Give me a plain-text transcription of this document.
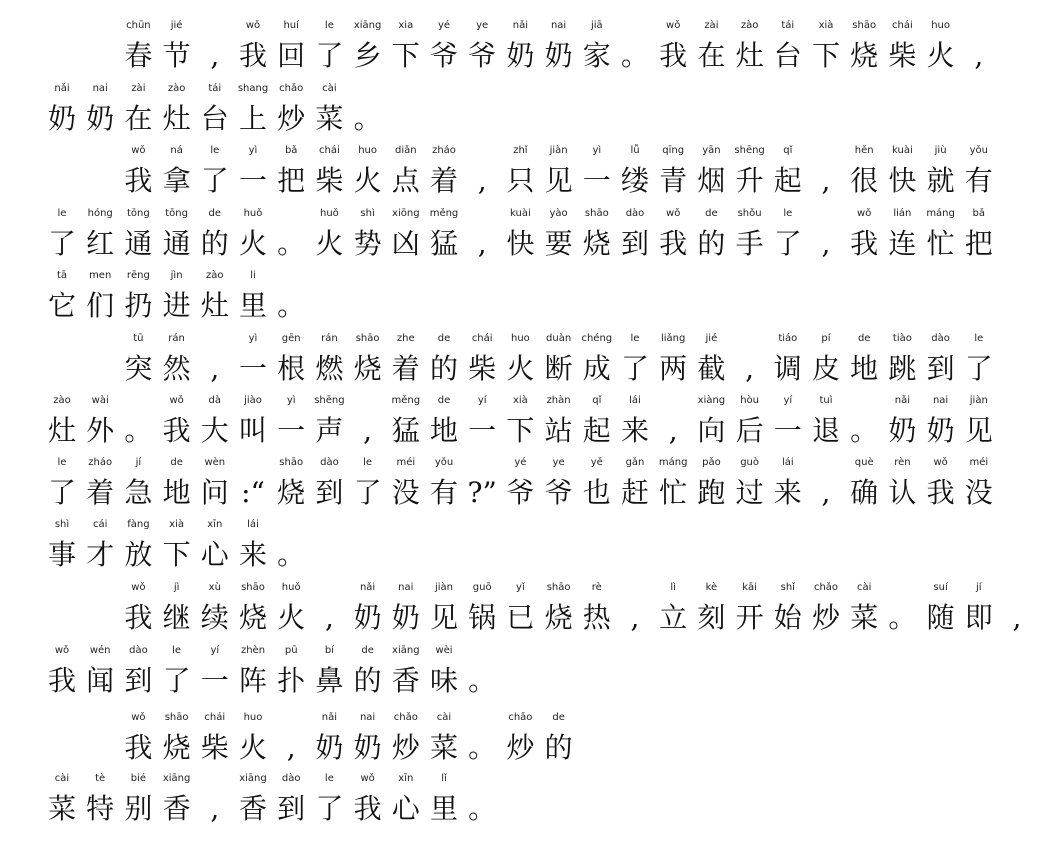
chūn
春
jié
节 ,
wǒ
我
huí
回
le
了
xiāng
乡
xia
下
yé
爷
ye
爷
nǎi
奶
nai
奶
jiā
家 。
wǒ
我
zài
在
zào
灶
tái
台
xià
下
shāo
烧
chái
柴
huo
火 ,
nǎi
奶
nai
奶
zài
在
zào
灶
tái
台
shang
上
chǎo
炒
cài
菜 。
wǒ
我
ná
拿
le
了
yì
一
bǎ
把
chái
柴
huo
火
diǎn
点
zháo
着 ,
zhǐ
只
jiàn
见
yì
一
lǚ
缕
qīng
青
yān
烟
shēng
升
qǐ
起 ,
hěn
很
kuài
快
jiù
就
yǒu
有
le
了
hóng
红
tōng
通
tōng
通
de
的
huǒ
火 。
huǒ
火
shì
势
xiōng
凶
měng
猛 ,
kuài
快
yào
要
shāo
烧
dào
到
wǒ
我
de
的
shǒu
手
le
了 ,
wǒ
我
lián
连
máng
忙
bǎ
把
tā
它
men
们
rēng
扔
jìn
进
zào
灶
li
里 。
tū
突
rán
然 ,
yì
一
gēn
根
rán
燃
shāo
烧
zhe
着
de
的
chái
柴
huo
火
duàn
断
chéng
成
le
了
liǎng
两
jié
截 ,
tiáo
调
pí
皮
de
地
tiào
跳
dào
到
le
了
zào
灶
wài
外 。
wǒ
我
dà
大
jiào
叫
yì
一
shēng
声 ,
měng
猛
de
地
yí
一
xià
下
zhàn
站
qǐ
起
lái
来 ,
xiàng
向
hòu
后
yí
一
tuì
退 。
nǎi
奶
nai
奶
jiàn
见
le
了
zháo
着
jí
急
de
地
wèn
问 :“
shāo
烧
dào
到
le
了
méi
没
yǒu
有 ?”
yé
爷
ye
爷
yě
也
gǎn
赶
máng
忙
pǎo
跑
guò
过
lái
来 ,
què
确
rèn
认
wǒ
我
méi
没
shì
事
cái
才
fàng
放
xià
下
xīn
心
lái
来 。
wǒ
我
jì
继
xù
续
shāo
烧
huǒ
火 ,
nǎi
奶
nai
奶
jiàn
见
guō
锅
yǐ
已
shāo
烧
rè
热 ,
lì
立
kè
刻
kāi
开
shǐ
始
chǎo
炒
cài
菜 。
suí
随
jí
即 ,
wǒ
我
wén
闻
dào
到
le
了
yí
一
zhèn
阵
pū
扑
bí
鼻
de
的
xiāng
香
wèi
味 。
wǒ
我
shāo
烧
chái
柴
huo
火 ,
nǎi
奶
nai
奶
chǎo
炒
cài
菜 。
chǎo
炒
de
的
cài
菜
tè
特
bié
别
xiāng
香 ,
xiāng
香
dào
到
le
了
wǒ
我
xīn
心
lǐ
里 。
